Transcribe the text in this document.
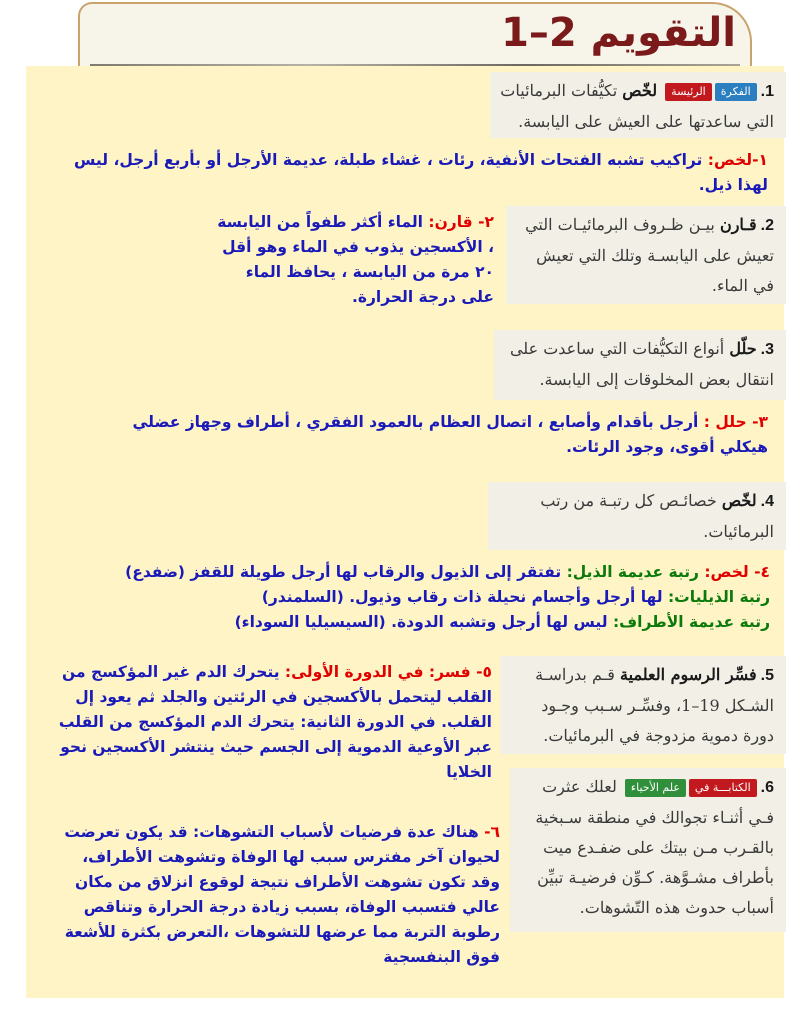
التقويم 2–1
1.الفكرةالرئيسة لخّص تكيُّفات البرمائيات التي ساعدتها على العيش على اليابسة.
١-لخص: تراكيب تشبه الفتحات الأنفية، رئات ، غشاء طبلة، عديمة الأرجل أو بأربع أرجل، ليس لهذا ذيل.
2.قـارن بيـن ظـروف البرمائيـات التي تعيش على اليابسـة وتلك التي تعيش في الماء.
٢- قارن: الماء أكثر طفواً من اليابسة ، الأكسجين يذوب في الماء وهو أقل ٢٠ مرة من اليابسة ، يحافظ الماء على درجة الحرارة.
3.حلّل أنواع التكيُّفات التي ساعدت على انتقال بعض المخلوقات إلى اليابسة.
٣- حلل : أرجل بأقدام وأصابع ، اتصال العظام بالعمود الفقري ، أطراف وجهاز عضلي هيكلي أقوى، وجود الرئات.
4.لخّص خصائـص كل رتبـة من رتب البرمائيات.
٤- لخص: رتبة عديمة الذيل: تفتقر إلى الذيول والرقاب لها أرجل طويلة للقفز (ضفدع)
رتبة الذيليات: لها أرجل وأجسام نحيلة ذات رقاب وذيول. (السلمندر)
رتبة عديمة الأطراف: ليس لها أرجل وتشبه الدودة. (السيسيليا السوداء)
5.فسِّر الرسوم العلمية قـم بدراسـة الشـكل 19–1، وفسِّـر سـبب وجـود دورة دموية مزدوجة في البرمائيات.
٥- فسر: في الدورة الأولى: يتحرك الدم غير المؤكسج من القلب ليتحمل بالأكسجين في الرئتين والجلد ثم يعود إل القلب. في الدورة الثانية: يتحرك الدم المؤكسج من القلب عبر الأوعية الدموية إلى الجسم حيث ينتشر الأكسجين نحو الخلايا
6.الكتابـــة فيعلم الأحياء لعلك عثرت فـي أثنـاء تجوالك في منطقة سـبخية بالقـرب مـن بيتك على ضفـدع ميت بأطراف مشـوَّهة. كـوِّن فرضيـة تبيِّن أسباب حدوث هذه التّشوهات.
٦- هناك عدة فرضيات لأسباب التشوهات: قد يكون تعرضت لحيوان آخر مفترس سبب لها الوفاة وتشوهت الأطراف، وقد تكون تشوهت الأطراف نتيجة لوقوع انزلاق من مكان عالي فتسبب الوفاة، بسبب زيادة درجة الحرارة وتناقص رطوبة التربة مما عرضها للتشوهات ،التعرض بكثرة للأشعة فوق البنفسجية
